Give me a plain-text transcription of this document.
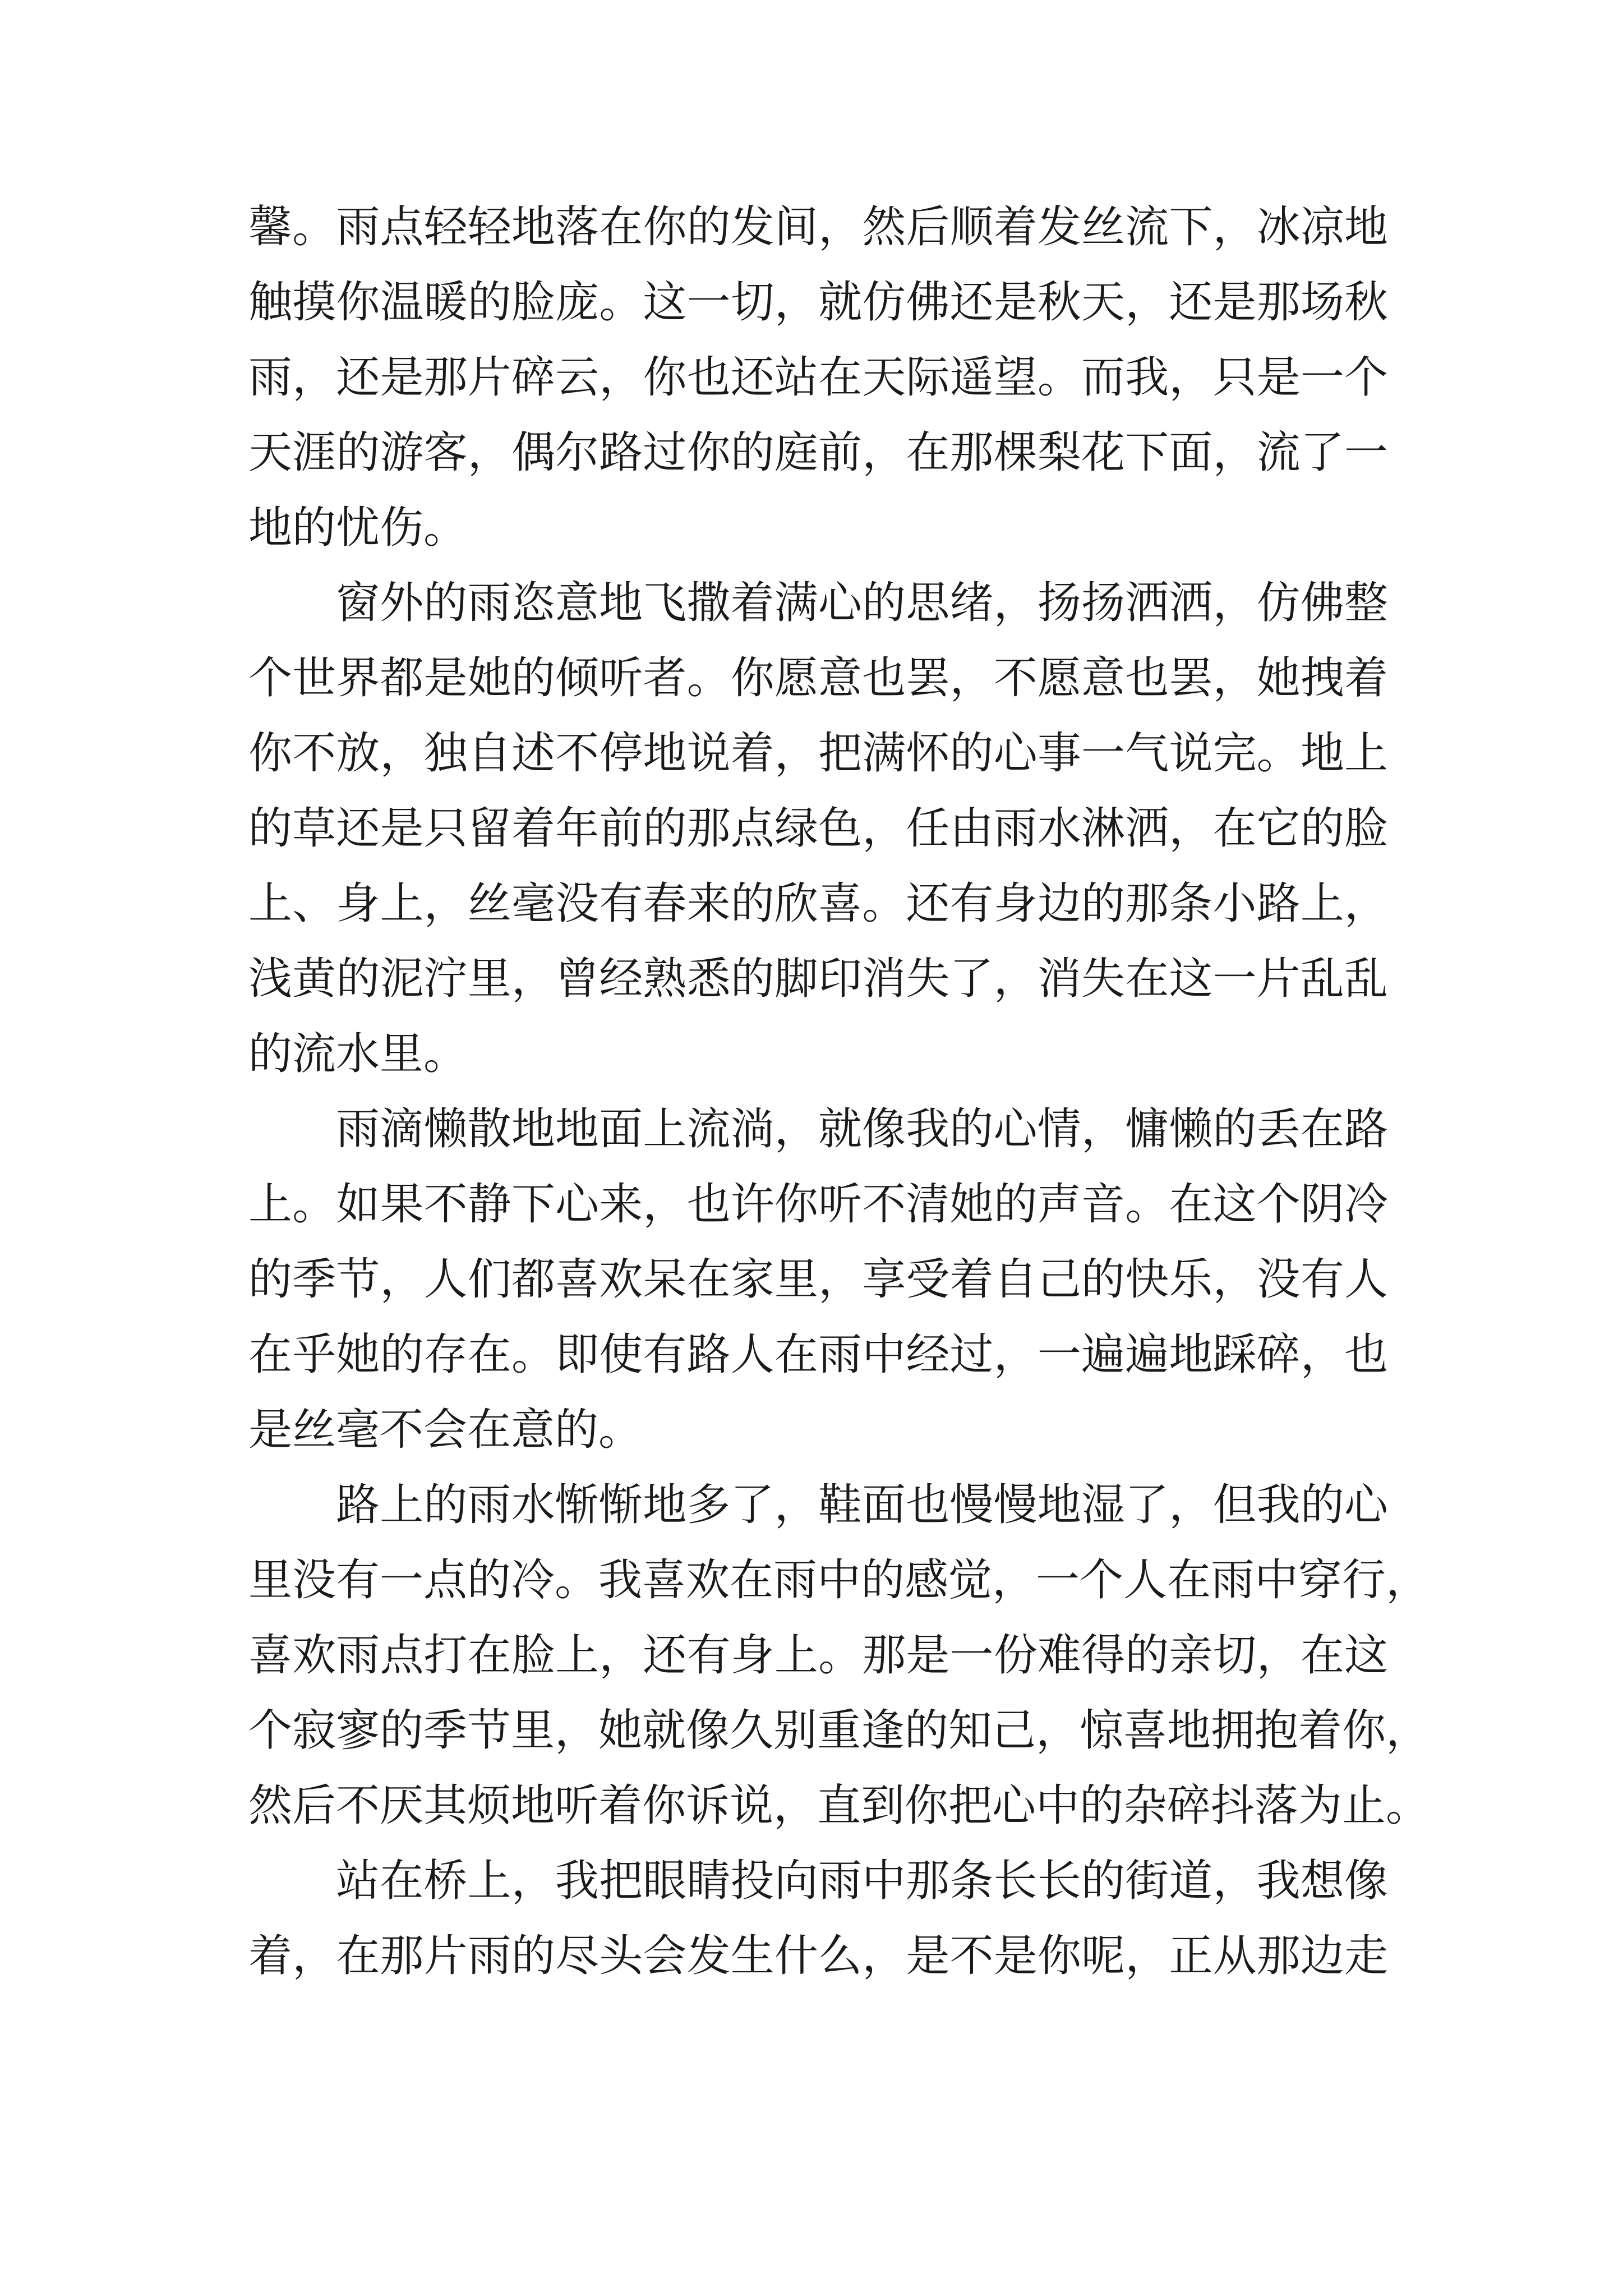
馨。雨点轻轻地落在你的发间，然后顺着发丝流下，冰凉地
触摸你温暖的脸庞。这一切，就仿佛还是秋天，还是那场秋
雨，还是那片碎云，你也还站在天际遥望。而我，只是一个
天涯的游客，偶尔路过你的庭前，在那棵梨花下面，流了一
地的忧伤。
窗外的雨恣意地飞撒着满心的思绪，扬扬洒洒，仿佛整
个世界都是她的倾听者。你愿意也罢，不愿意也罢，她拽着
你不放，独自述不停地说着，把满怀的心事一气说完。地上
的草还是只留着年前的那点绿色，任由雨水淋洒，在它的脸
上、身上，丝毫没有春来的欣喜。还有身边的那条小路上，
浅黄的泥泞里，曾经熟悉的脚印消失了，消失在这一片乱乱
的流水里。
雨滴懒散地地面上流淌，就像我的心情，慵懒的丢在路
上。如果不静下心来，也许你听不清她的声音。在这个阴冷
的季节，人们都喜欢呆在家里，享受着自己的快乐，没有人
在乎她的存在。即使有路人在雨中经过，一遍遍地踩碎，也
是丝毫不会在意的。
路上的雨水惭惭地多了，鞋面也慢慢地湿了，但我的心
里没有一点的冷。我喜欢在雨中的感觉，一个人在雨中穿行，
喜欢雨点打在脸上，还有身上。那是一份难得的亲切，在这
个寂寥的季节里，她就像久别重逢的知己，惊喜地拥抱着你，
然后不厌其烦地听着你诉说，直到你把心中的杂碎抖落为止。
站在桥上，我把眼睛投向雨中那条长长的街道，我想像
着，在那片雨的尽头会发生什么，是不是你呢，正从那边走
